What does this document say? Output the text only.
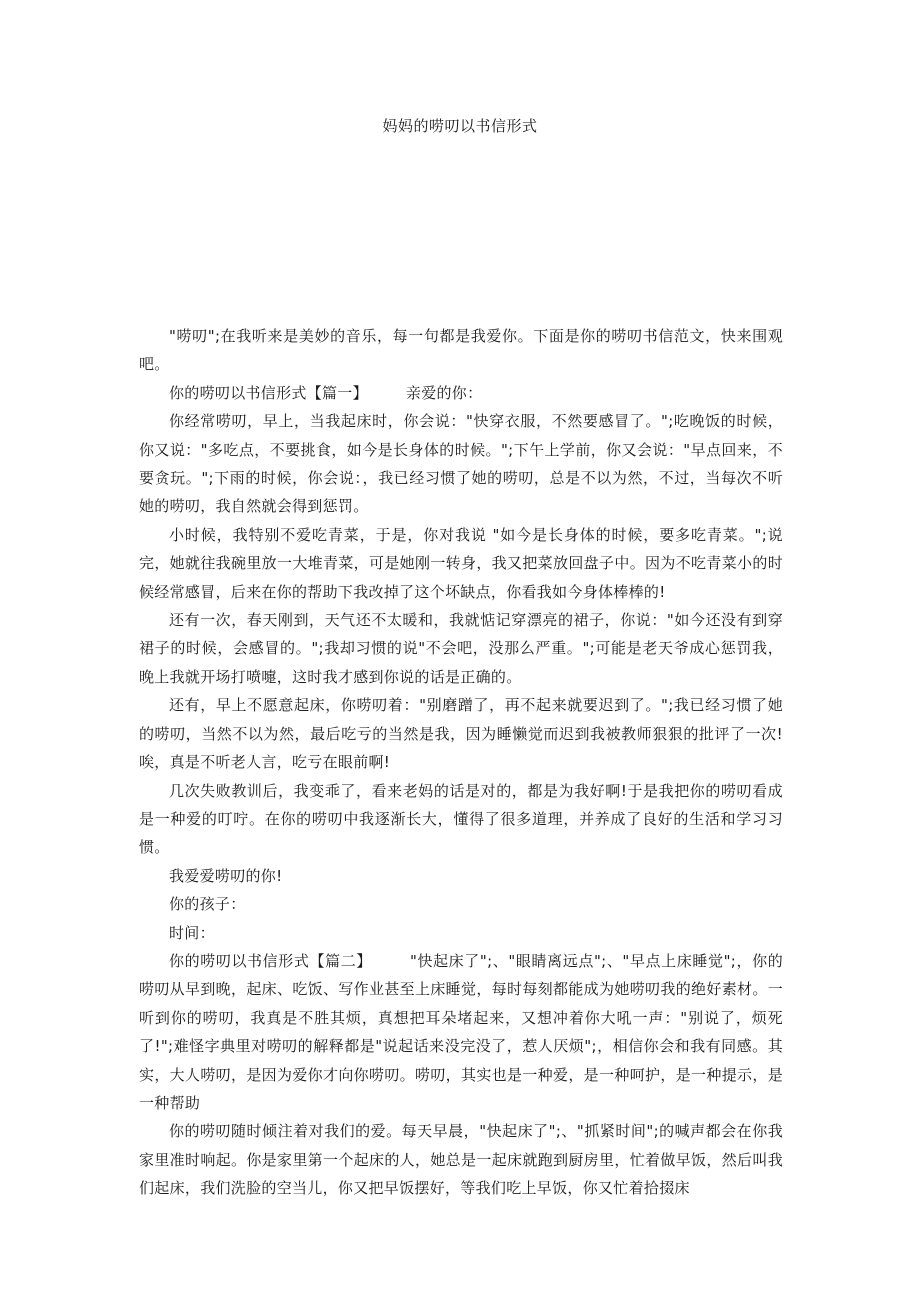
妈妈的唠叨以书信形式

"唠叨";在我听来是美妙的音乐，每一句都是我爱你。下面是你的唠叨书信范文，快来围观吧。

你的唠叨以书信形式【篇一】	亲爱的你：

你经常唠叨，早上，当我起床时，你会说："快穿衣服，不然要感冒了。";吃晚饭的时候，你又说："多吃点，不要挑食，如今是长身体的时候。";下午上学前，你又会说："早点回来，不要贪玩。";下雨的时候，你会说：，我已经习惯了她的唠叨，总是不以为然，不过，当每次不听她的唠叨，我自然就会得到惩罚。

小时候，我特别不爱吃青菜，于是，你对我说 "如今是长身体的时候，要多吃青菜。";说完，她就往我碗里放一大堆青菜，可是她刚一转身，我又把菜放回盘子中。因为不吃青菜小的时候经常感冒，后来在你的帮助下我改掉了这个坏缺点，你看我如今身体棒棒的!

还有一次，春天刚到，天气还不太暖和，我就惦记穿漂亮的裙子，你说："如今还没有到穿裙子的时候，会感冒的。";我却习惯的说"不会吧，没那么严重。";可能是老天爷成心惩罚我，晚上我就开场打喷嚏，这时我才感到你说的话是正确的。

还有，早上不愿意起床，你唠叨着："别磨蹭了，再不起来就要迟到了。";我已经习惯了她的唠叨，当然不以为然，最后吃亏的当然是我，因为睡懒觉而迟到我被教师狠狠的批评了一次!唉，真是不听老人言，吃亏在眼前啊!

几次失败教训后，我变乖了，看来老妈的话是对的，都是为我好啊!于是我把你的唠叨看成是一种爱的叮咛。在你的唠叨中我逐渐长大，懂得了很多道理，并养成了良好的生活和学习习惯。

我爱爱唠叨的你!

你的孩子：

时间：

你的唠叨以书信形式【篇二】	"快起床了";、"眼睛离远点";、"早点上床睡觉";，你的唠叨从早到晚，起床、吃饭、写作业甚至上床睡觉，每时每刻都能成为她唠叨我的绝好素材。一听到你的唠叨，我真是不胜其烦，真想把耳朵堵起来，又想冲着你大吼一声："别说了，烦死了!";难怪字典里对唠叨的解释都是"说起话来没完没了，惹人厌烦";，相信你会和我有同感。其实，大人唠叨，是因为爱你才向你唠叨。唠叨，其实也是一种爱，是一种呵护，是一种提示，是一种帮助

你的唠叨随时倾注着对我们的爱。每天早晨，"快起床了";、"抓紧时间";的喊声都会在你我家里准时响起。你是家里第一个起床的人，她总是一起床就跑到厨房里，忙着做早饭，然后叫我们起床，我们洗脸的空当儿，你又把早饭摆好，等我们吃上早饭，你又忙着拾掇床
